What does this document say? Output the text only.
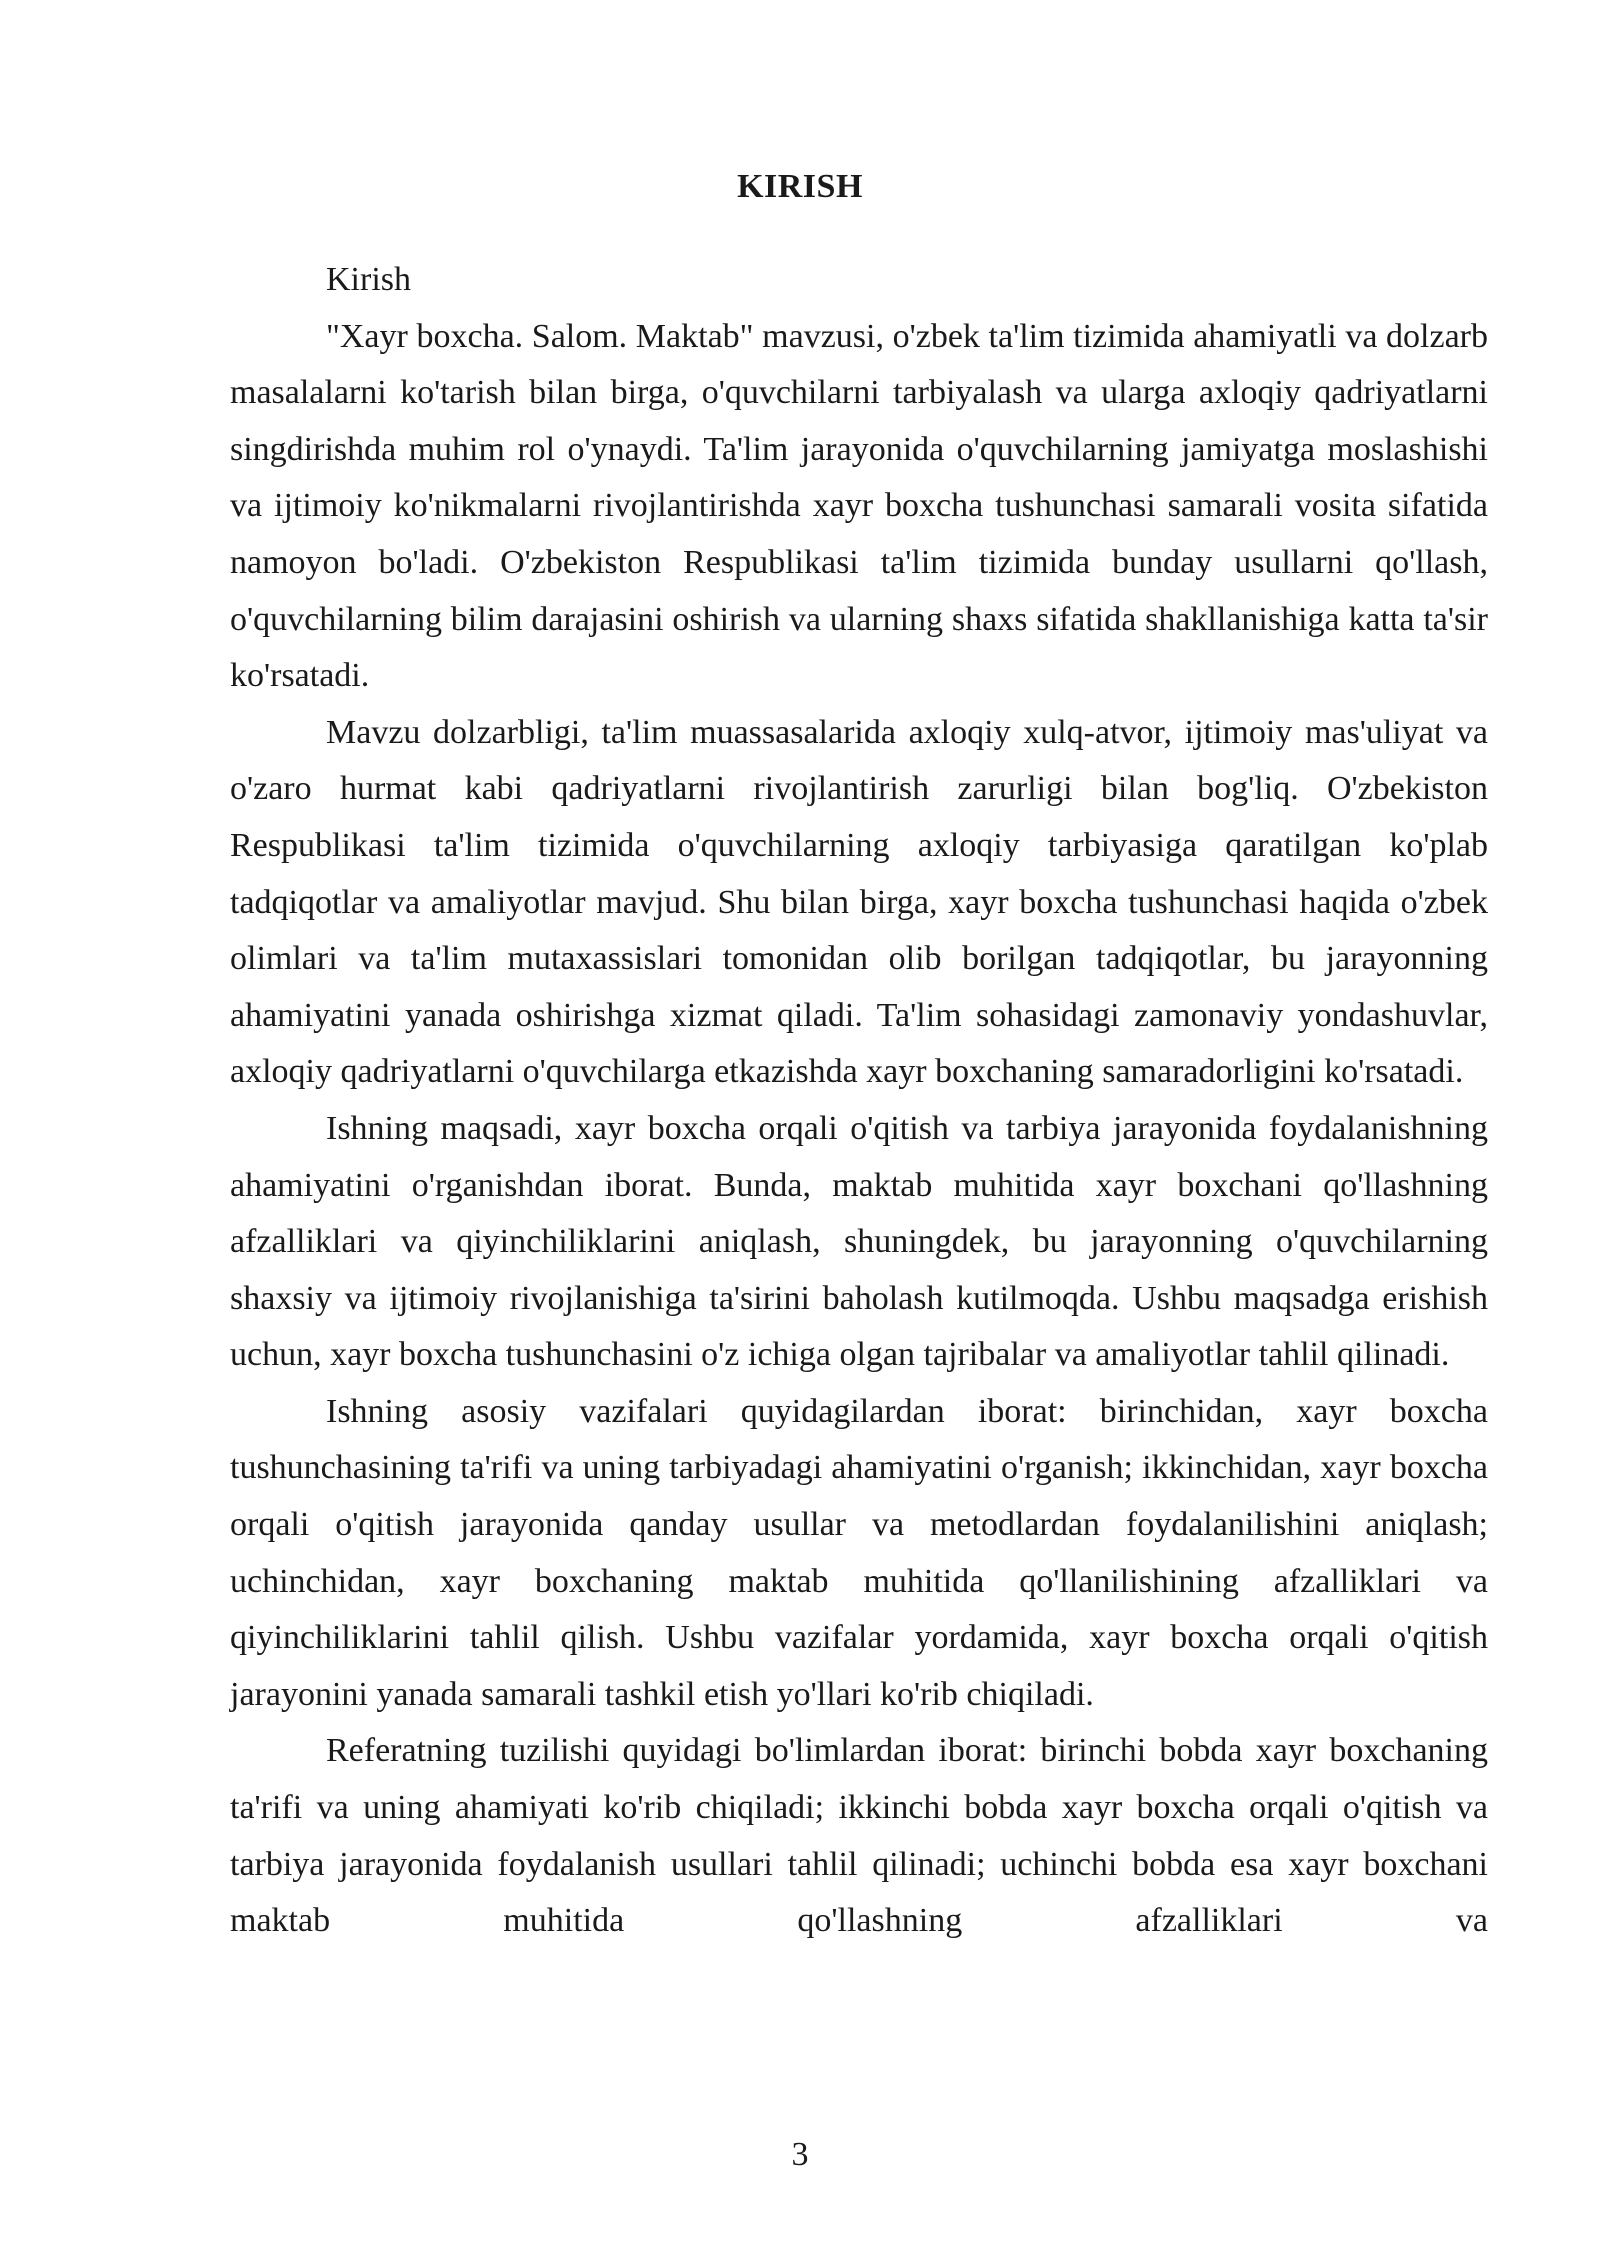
KIRISH

Kirish

"Xayr boxcha. Salom. Maktab" mavzusi, o'zbek ta'lim tizimida ahamiyatli va dolzarb masalalarni ko'tarish bilan birga, o'quvchilarni tarbiyalash va ularga axloqiy qadriyatlarni singdirishda muhim rol o'ynaydi. Ta'lim jarayonida o'quvchilarning jamiyatga moslashishi va ijtimoiy ko'nikmalarni rivojlantirishda xayr boxcha tushunchasi samarali vosita sifatida namoyon bo'ladi. O'zbekiston Respublikasi ta'lim tizimida bunday usullarni qo'llash, o'quvchilarning bilim darajasini oshirish va ularning shaxs sifatida shakllanishiga katta ta'sir ko'rsatadi.

Mavzu dolzarbligi, ta'lim muassasalarida axloqiy xulq-atvor, ijtimoiy mas'uliyat va o'zaro hurmat kabi qadriyatlarni rivojlantirish zarurligi bilan bog'liq. O'zbekiston Respublikasi ta'lim tizimida o'quvchilarning axloqiy tarbiyasiga qaratilgan ko'plab tadqiqotlar va amaliyotlar mavjud. Shu bilan birga, xayr boxcha tushunchasi haqida o'zbek olimlari va ta'lim mutaxassislari tomonidan olib borilgan tadqiqotlar, bu jarayonning ahamiyatini yanada oshirishga xizmat qiladi. Ta'lim sohasidagi zamonaviy yondashuvlar, axloqiy qadriyatlarni o'quvchilarga etkazishda xayr boxchaning samaradorligini ko'rsatadi.

Ishning maqsadi, xayr boxcha orqali o'qitish va tarbiya jarayonida foydalanishning ahamiyatini o'rganishdan iborat. Bunda, maktab muhitida xayr boxchani qo'llashning afzalliklari va qiyinchiliklarini aniqlash, shuningdek, bu jarayonning o'quvchilarning shaxsiy va ijtimoiy rivojlanishiga ta'sirini baholash kutilmoqda. Ushbu maqsadga erishish uchun, xayr boxcha tushunchasini o'z ichiga olgan tajribalar va amaliyotlar tahlil qilinadi.

Ishning asosiy vazifalari quyidagilardan iborat: birinchidan, xayr boxcha tushunchasining ta'rifi va uning tarbiyadagi ahamiyatini o'rganish; ikkinchidan, xayr boxcha orqali o'qitish jarayonida qanday usullar va metodlardan foydalanilishini aniqlash; uchinchidan, xayr boxchaning maktab muhitida qo'llanilishining afzalliklari va qiyinchiliklarini tahlil qilish. Ushbu vazifalar yordamida, xayr boxcha orqali o'qitish jarayonini yanada samarali tashkil etish yo'llari ko'rib chiqiladi.

Referatning tuzilishi quyidagi bo'limlardan iborat: birinchi bobda xayr boxchaning ta'rifi va uning ahamiyati ko'rib chiqiladi; ikkinchi bobda xayr boxcha orqali o'qitish va tarbiya jarayonida foydalanish usullari tahlil qilinadi; uchinchi bobda esa xayr boxchani maktab muhitida qo'llashning afzalliklari va

3
